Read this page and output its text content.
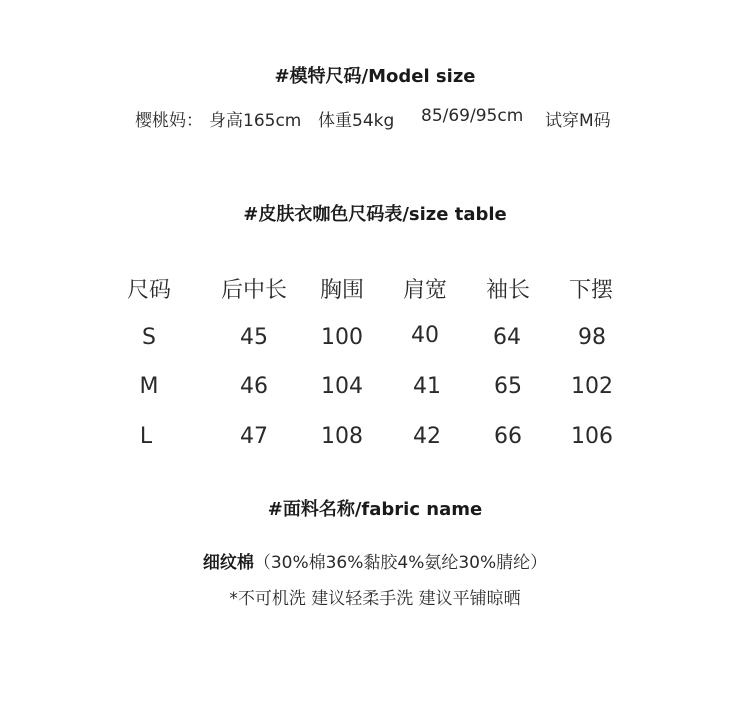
#模特尺码/Model size
樱桃妈： 身高165cm 体重54kg 85/69/95cm 试穿M码
#皮肤衣咖色尺码表/size table
尺码	后中长	胸围	肩宽	袖长	下摆
S	45	100	40	64	98
M	46	104	41	65	102
L	47	108	42	66	106
#面料名称/fabric name
细纹棉（30%棉36%黏胶4%氨纶30%腈纶）
*不可机洗 建议轻柔手洗 建议平铺晾晒
